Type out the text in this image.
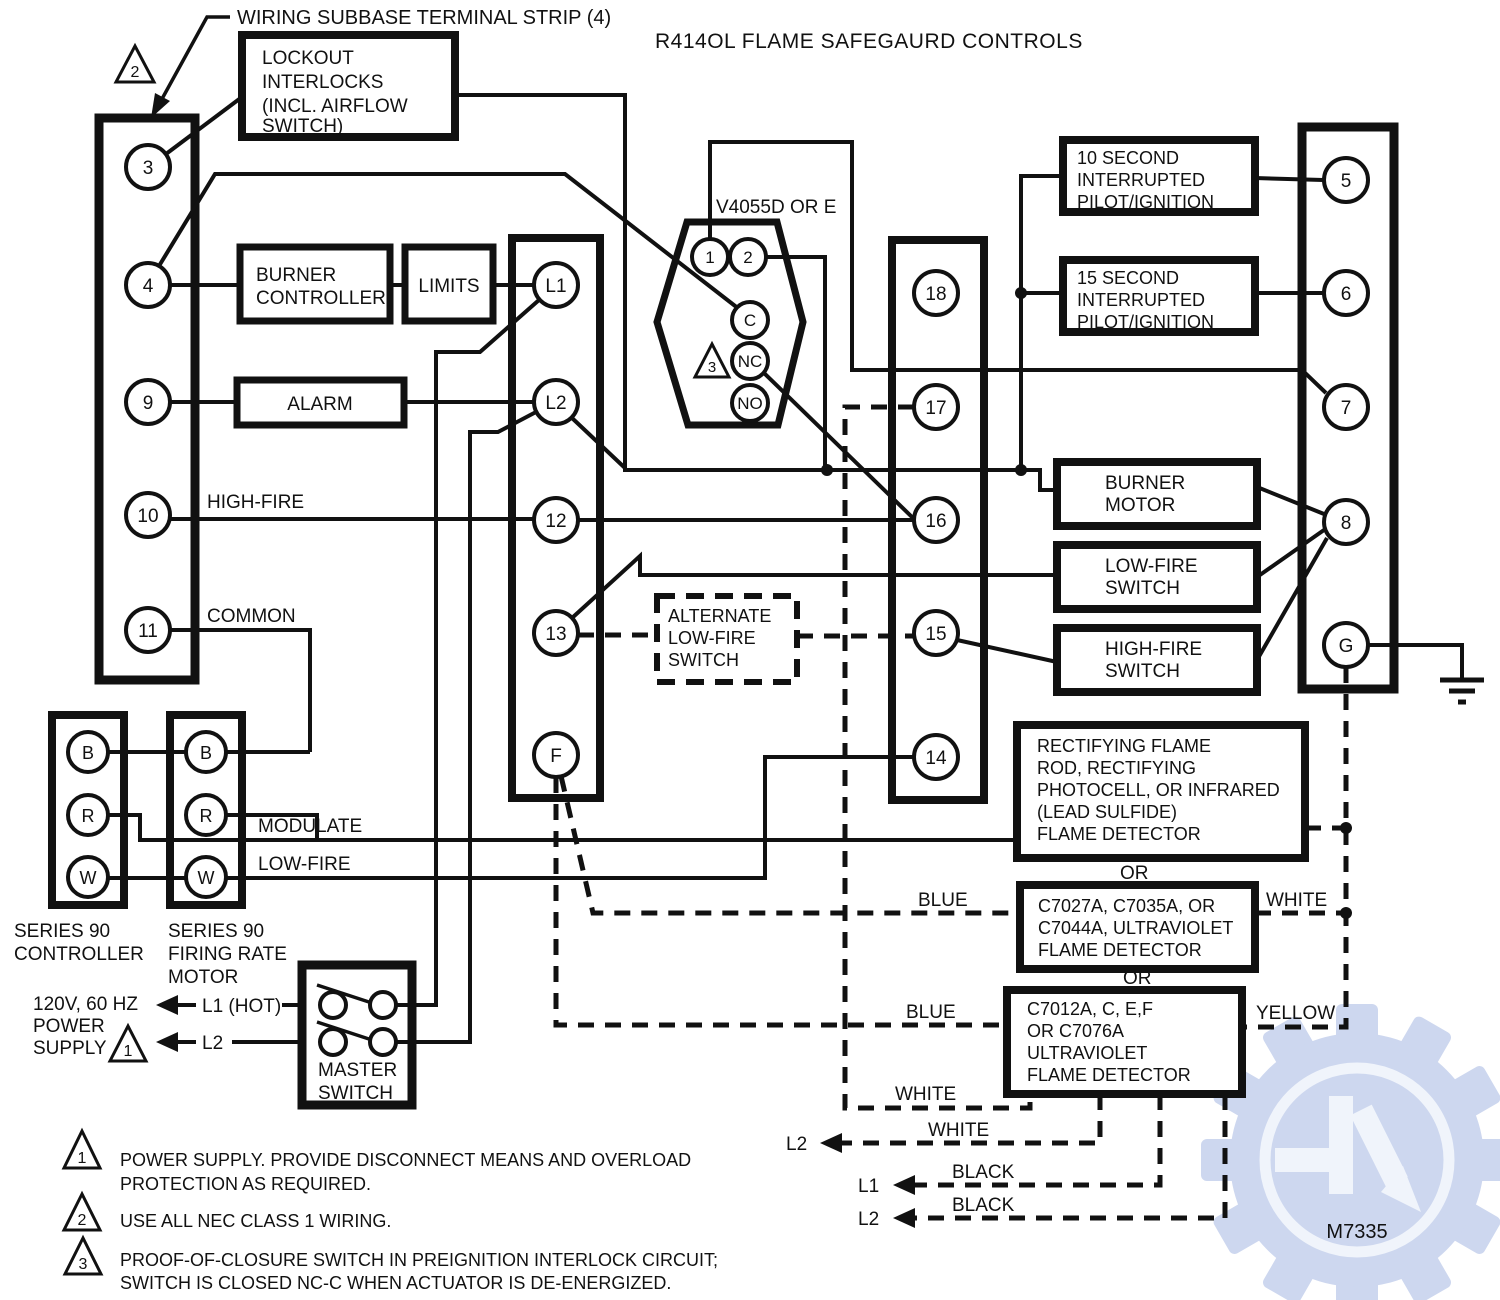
M7335
3
4
9
10
11
L1
L2
12
13
F
18
17
16
15
14
5
6
7
8
G
B
R
W
B
R
W
1 2
C
NC
NO
2
3
1
1
2
3
R414OL FLAME SAFEGAURD CONTROLS
WIRING SUBBASE TERMINAL STRIP (4)
V4055D OR E
LOCKOUT
INTERLOCKS
(INCL. AIRFLOW
SWITCH)
BURNER
CONTROLLER
LIMITS
ALARM
HIGH-FIRE
COMMON
MODULATE
LOW-FIRE
10 SECOND
INTERRUPTED
PILOT/IGNITION
15 SECOND
INTERRUPTED
PILOT/IGNITION
BURNER
MOTOR
LOW-FIRE
SWITCH
HIGH-FIRE
SWITCH
ALTERNATE
LOW-FIRE
SWITCH
RECTIFYING FLAME
ROD, RECTIFYING
PHOTOCELL, OR INFRARED
(LEAD SULFIDE)
FLAME DETECTOR
C7027A, C7035A, OR
C7044A, ULTRAVIOLET
FLAME DETECTOR
C7012A, C, E,F
OR C7076A
ULTRAVIOLET
FLAME DETECTOR
MASTER
SWITCH
OR
OR
BLUE
BLUE
WHITE
YELLOW
WHITE
WHITE
BLACK
BLACK
L2
L1
L2
L1 (HOT)
L2
120V, 60 HZ
POWER
SUPPLY
SERIES 90
CONTROLLER
SERIES 90
FIRING RATE
MOTOR
POWER SUPPLY. PROVIDE DISCONNECT MEANS AND OVERLOAD
PROTECTION AS REQUIRED.
USE ALL NEC CLASS 1 WIRING.
PROOF-OF-CLOSURE SWITCH IN PREIGNITION INTERLOCK CIRCUIT;
SWITCH IS CLOSED NC-C WHEN ACTUATOR IS DE-ENERGIZED.
